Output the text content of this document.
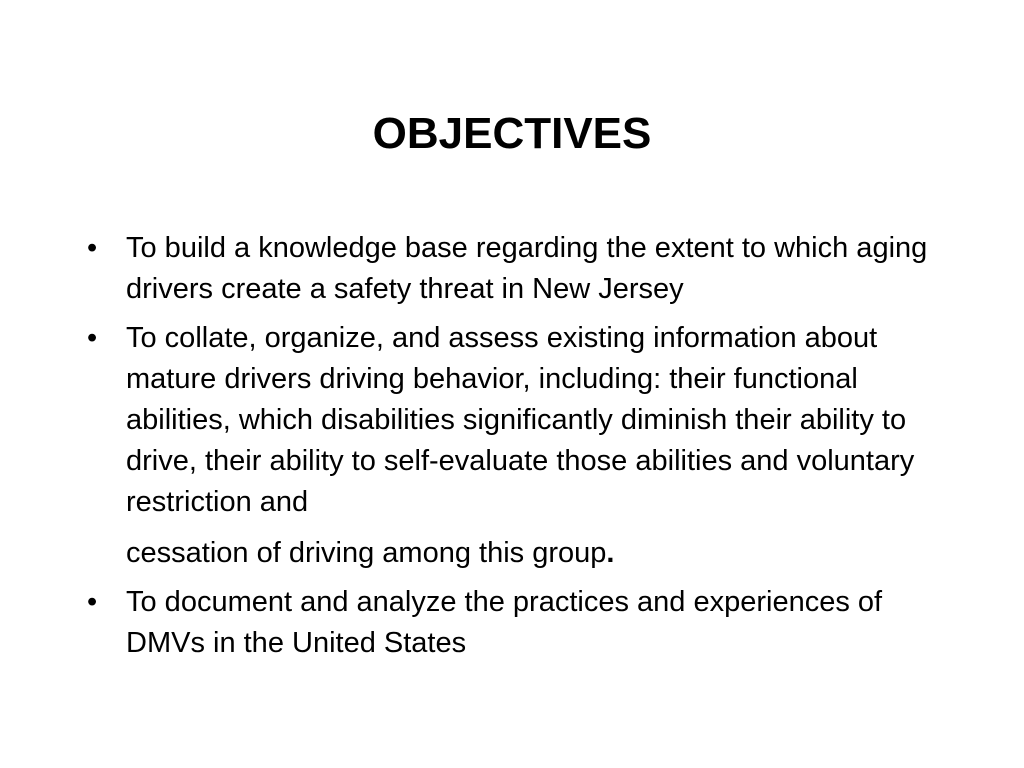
OBJECTIVES
• To build a knowledge base regarding the extent to which aging drivers create a safety threat in New Jersey
• To collate, organize, and assess existing information about mature drivers driving behavior, including: their functional abilities, which disabilities significantly diminish their ability to drive, their ability to self-evaluate those abilities and voluntary restriction and
cessation of driving among this group.
• To document and analyze the practices and experiences of DMVs in the United States
